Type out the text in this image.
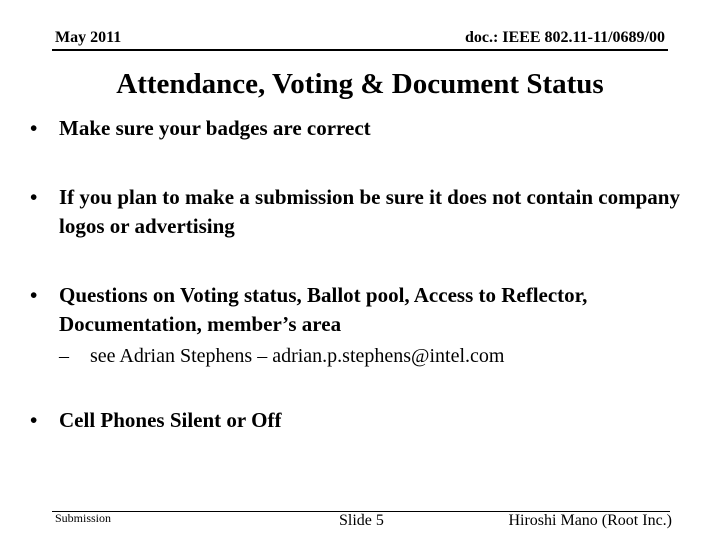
May 2011	doc.: IEEE 802.11-11/0689/00
Attendance, Voting & Document Status
• Make sure your badges are correct
• If you plan to make a submission be sure it does not contain company logos or advertising
• Questions on Voting status, Ballot pool, Access to Reflector, Documentation, member’s area
– see Adrian Stephens – adrian.p.stephens@intel.com
• Cell Phones Silent or Off
Submission	Slide 5	Hiroshi Mano (Root Inc.)
